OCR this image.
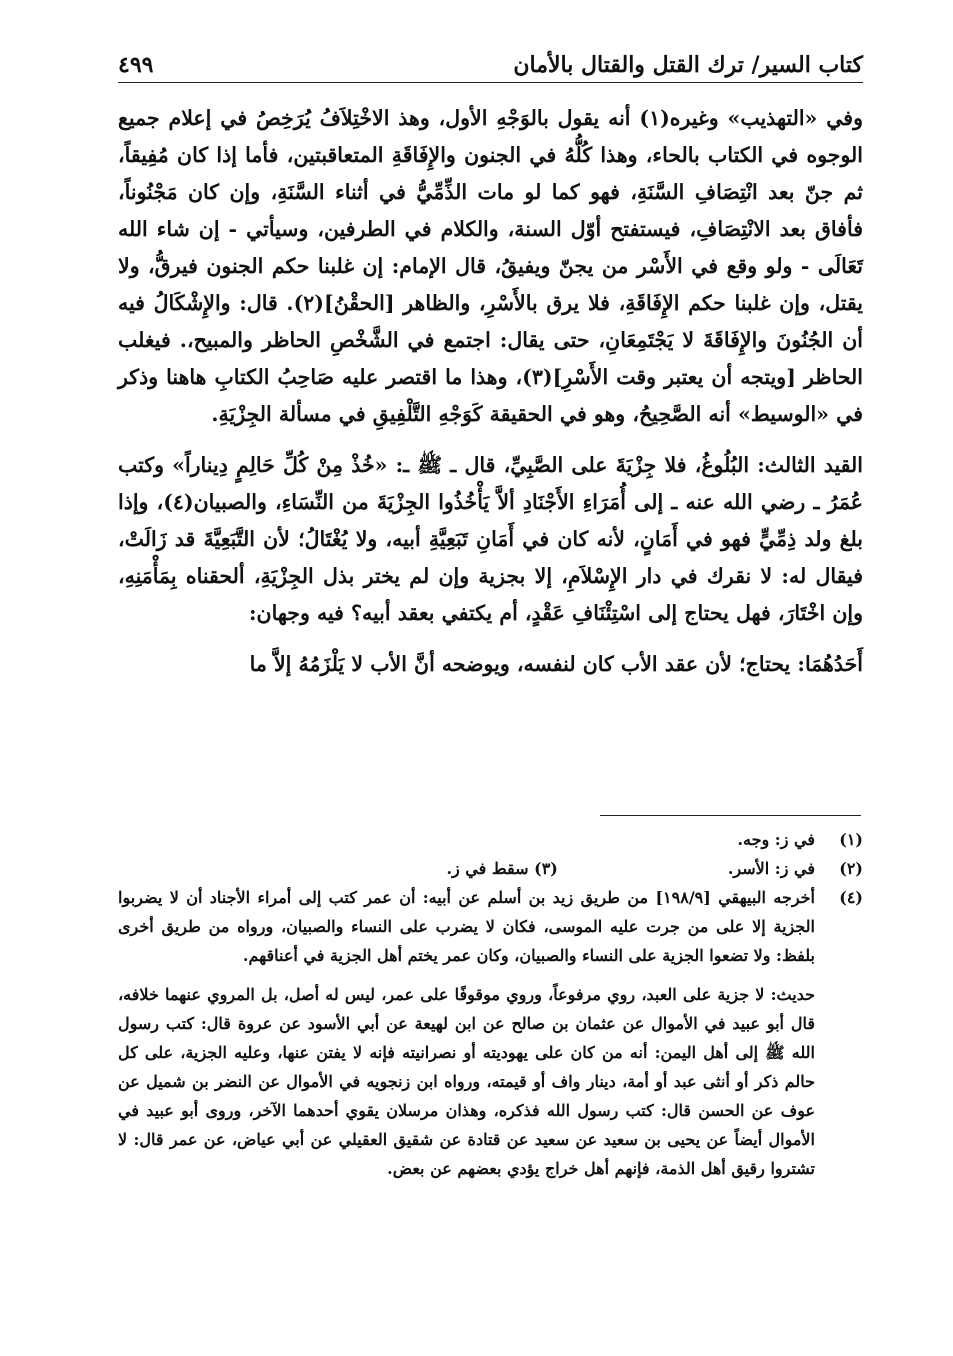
كتاب السير/ ترك القتل والقتال بالأمان
٤٩٩

وفي «التهذيب» وغيره(١) أنه يقول بالوَجْهِ الأول، وهذ الاخْتِلاَفُ يُرَخِصُ في إعلام جميع الوجوه في الكتاب بالحاء، وهذا كُلُّهُ في الجنون والإِفَاقَةِ المتعاقبتين، فأما إذا كان مُفِيقاً، ثم جنّ بعد انْتِصَافِ السَّنَةِ، فهو كما لو مات الذِّمِّيُّ في أثناء السَّنَةِ، وإن كان مَجْنُوناً، فأفاق بعد الانْتِصَافِ، فيستفتح أوّل السنة، والكلام في الطرفين، وسيأتي - إن شاء الله تَعَالَى - ولو وقع في الأَسْر من يجنّ ويفيقُ، قال الإمام: إن غلبنا حكم الجنون فيرقُّ، ولا يقتل، وإن غلبنا حكم الإِفَاقَةِ، فلا يرق بالأَسْرِ، والظاهر [الحقْنُ](٢). قال: والإِشْكَالُ فيه أن الجُنُونَ والإِفَاقَةَ لا يَجْتَمِعَانِ، حتى يقال: اجتمع في الشَّخْصِ الحاظر والمبيح،. فيغلب الحاظر [ويتجه أن يعتبر وقت الأَسْرِ](٣)، وهذا ما اقتصر عليه صَاحِبُ الكتابِ هاهنا وذكر في «الوسيط» أنه الصَّحِيحُ، وهو في الحقيقة كَوَجْهِ التَّلْفِيقِ في مسألة الجِزْيَةِ.

القيد الثالث: البُلُوغُ، فلا جِزْيَةَ على الصَّبِيِّ، قال ـ ﷺ ـ: «خُذْ مِنْ كُلِّ حَالِمٍ دِيناراً» وكتب عُمَرُ ـ رضي الله عنه ـ إلى أُمَرَاءِ الأَجْنَادِ ألاَّ يَأْخُذُوا الجِزْيَةَ من النِّسَاءِ، والصبيان(٤)، وإذا بلغ ولد ذِمِّيٍّ فهو في أَمَانٍ، لأنه كان في أَمَانِ تَبَعِيَّةِ أبيه، ولا يُغْتَالُ؛ لأن التَّبَعِيَّةَ قد زَالَتْ، فيقال له: لا نقرك في دار الإِسْلاَمِ، إلا بجزية وإن لم يختر بذل الجِزْيَةِ، ألحقناه بِمَأْمَنِهِ، وإن اخْتَارَ، فهل يحتاج إلى اسْتِئْنَافِ عَقْدٍ، أم يكتفي بعقد أبيه؟ فيه وجهان:

أَحَدُهُمَا: يحتاج؛ لأن عقد الأب كان لنفسه، ويوضحه أنَّ الأب لا يَلْزَمُهُ إلاَّ ما

(١)
في ز: وجه.
(٢)
في ز: الأسر.
(٣) سقط في ز.
(٤)
أخرجه البيهقي [١٩٨/٩] من طريق زيد بن أسلم عن أبيه: أن عمر كتب إلى أمراء الأجناد أن لا يضربوا الجزية إلا على من جرت عليه الموسى، فكان لا يضرب على النساء والصبيان، ورواه من طريق أخرى بلفظ: ولا تضعوا الجزية على النساء والصبيان، وكان عمر يختم أهل الجزية في أعناقهم.
حديث: لا جزية على العبد، روي مرفوعاً، وروي موقوفًا على عمر، ليس له أصل، بل المروي عنهما خلافه، قال أبو عبيد في الأموال عن عثمان بن صالح عن ابن لهيعة عن أبي الأسود عن عروة قال: كتب رسول الله ﷺ إلى أهل اليمن: أنه من كان على يهوديته أو نصرانيته فإنه لا يفتن عنها، وعليه الجزية، على كل حالم ذكر أو أنثى عبد أو أمة، دينار واف أو قيمته، ورواه ابن زنجويه في الأموال عن النضر بن شميل عن عوف عن الحسن قال: كتب رسول الله فذكره، وهذان مرسلان يقوي أحدهما الآخر، وروى أبو عبيد في الأموال أيضاً عن يحيى بن سعيد عن سعيد عن قتادة عن شقيق العقيلي عن أبي عياض، عن عمر قال: لا تشتروا رقيق أهل الذمة، فإنهم أهل خراج يؤدي بعضهم عن بعض.
